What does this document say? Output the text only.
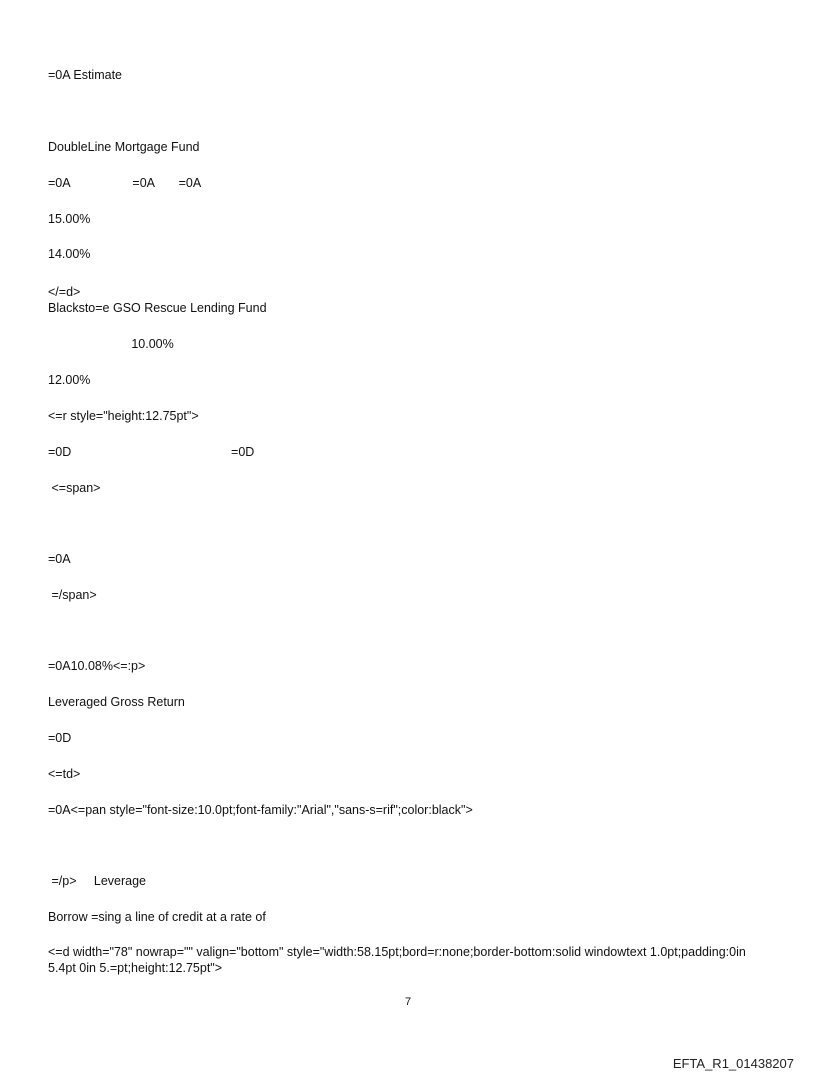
=0A Estimate
DoubleLine Mortgage Fund
=0A                  =0A       =0A
15.00%
14.00%
</=d>
Blacksto=e GSO Rescue Lending Fund
10.00%
12.00%
<=r style="height:12.75pt">
=0D                                              =0D
<=span>
=0A
=/span>
=0A10.08%<=:p>
Leveraged Gross Return
=0D
<=td>
=0A<=pan style="font-size:10.0pt;font-family:"Arial","sans-s=rif";color:black">
=/p>     Leverage
Borrow =sing a line of credit at a rate of
<=d width="78" nowrap="" valign="bottom" style="width:58.15pt;bord=r:none;border-bottom:solid windowtext 1.0pt;padding:0in 5.4pt 0in 5.=pt;height:12.75pt">
7
EFTA_R1_01438207
